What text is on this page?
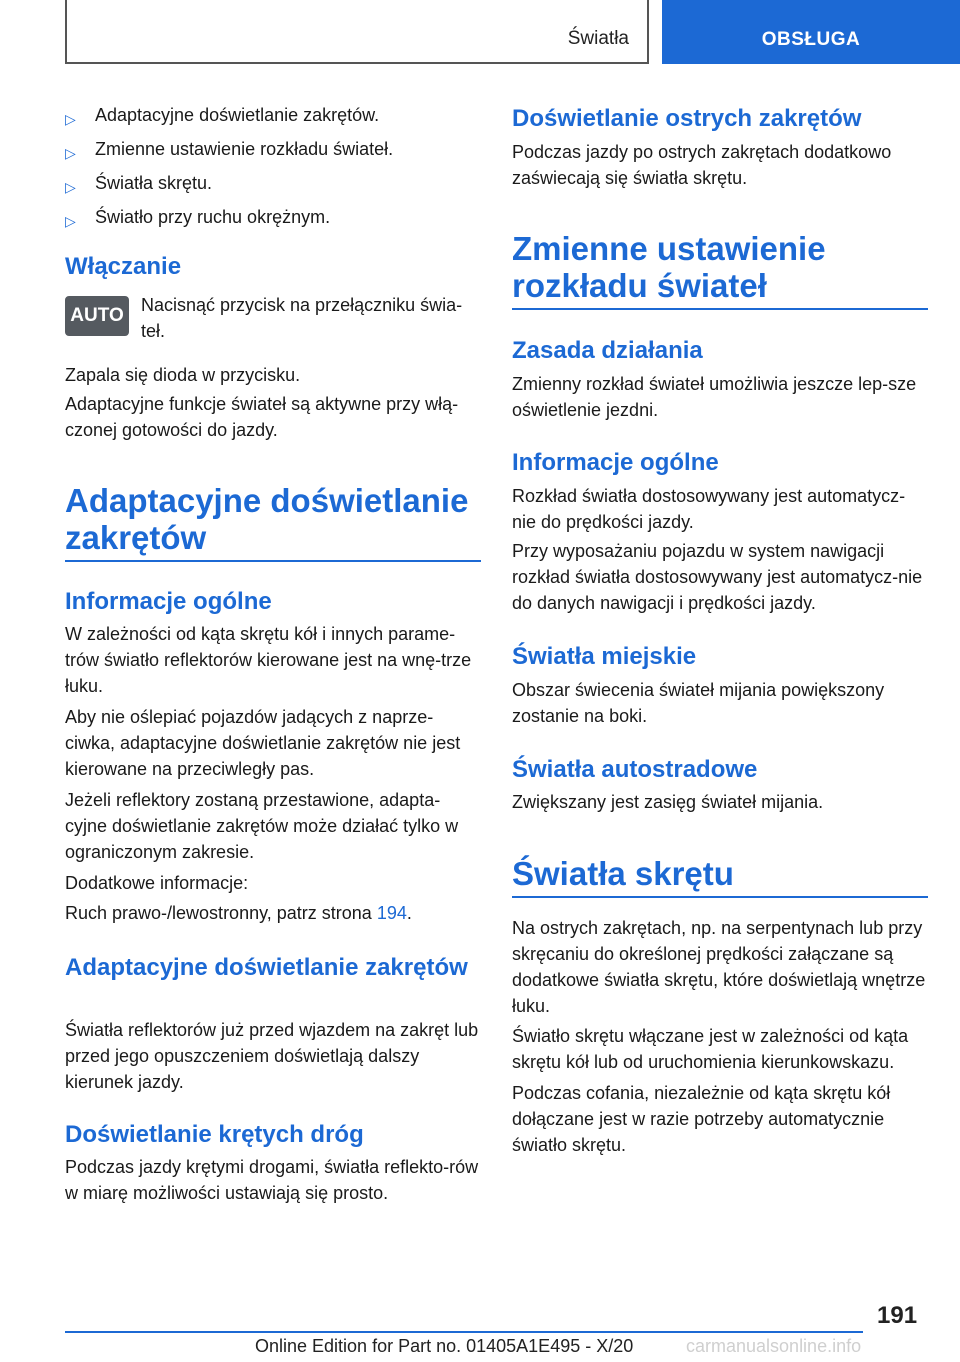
Światła	OBSŁUGA
▷ Adaptacyjne doświetlanie zakrętów.
▷ Zmienne ustawienie rozkładu świateł.
▷ Światła skrętu.
▷ Światło przy ruchu okrężnym.
Włączanie
AUTO Nacisnąć przycisk na przełączniku świa-teł.

Zapala się dioda w przycisku.

Adaptacyjne funkcje świateł są aktywne przy włą-czonej gotowości do jazdy.

Adaptacyjne doświetlanie zakrętów
Informacje ogólne

W zależności od kąta skrętu kół i innych parame-trów światło reflektorów kierowane jest na wnę-trze łuku.

Aby nie oślepiać pojazdów jadących z naprze-ciwka, adaptacyjne doświetlanie zakrętów nie jest kierowane na przeciwległy pas.

Jeżeli reflektory zostaną przestawione, adapta-cyjne doświetlanie zakrętów może działać tylko w ograniczonym zakresie.

Dodatkowe informacje:

Ruch prawo-/lewostronny, patrz strona 194.

Adaptacyjne doświetlanie zakrętów

Światła reflektorów już przed wjazdem na zakręt lub przed jego opuszczeniem doświetlają dalszy kierunek jazdy.

Doświetlanie krętych dróg

Podczas jazdy krętymi drogami, światła reflekto-rów w miarę możliwości ustawiają się prosto.

Doświetlanie ostrych zakrętów

Podczas jazdy po ostrych zakrętach dodatkowo zaświecają się światła skrętu.

Zmienne ustawienie rozkładu świateł
Zasada działania

Zmienny rozkład świateł umożliwia jeszcze lep-sze oświetlenie jezdni.

Informacje ogólne

Rozkład światła dostosowywany jest automatycz-nie do prędkości jazdy.

Przy wyposażaniu pojazdu w system nawigacji rozkład światła dostosowywany jest automatycz-nie do danych nawigacji i prędkości jazdy.

Światła miejskie

Obszar świecenia świateł mijania powiększony zostanie na boki.

Światła autostradowe

Zwiększany jest zasięg świateł mijania.

Światła skrętu

Na ostrych zakrętach, np. na serpentynach lub przy skręcaniu do określonej prędkości załączane są dodatkowe światła skrętu, które doświetlają wnętrze łuku.

Światło skrętu włączane jest w zależności od kąta skrętu kół lub od uruchomienia kierunkowskazu.

Podczas cofania, niezależnie od kąta skrętu kół dołączane jest w razie potrzeby automatycznie światło skrętu.

191
Online Edition for Part no. 01405A1E495 - X/20	carmanualsonline.info
